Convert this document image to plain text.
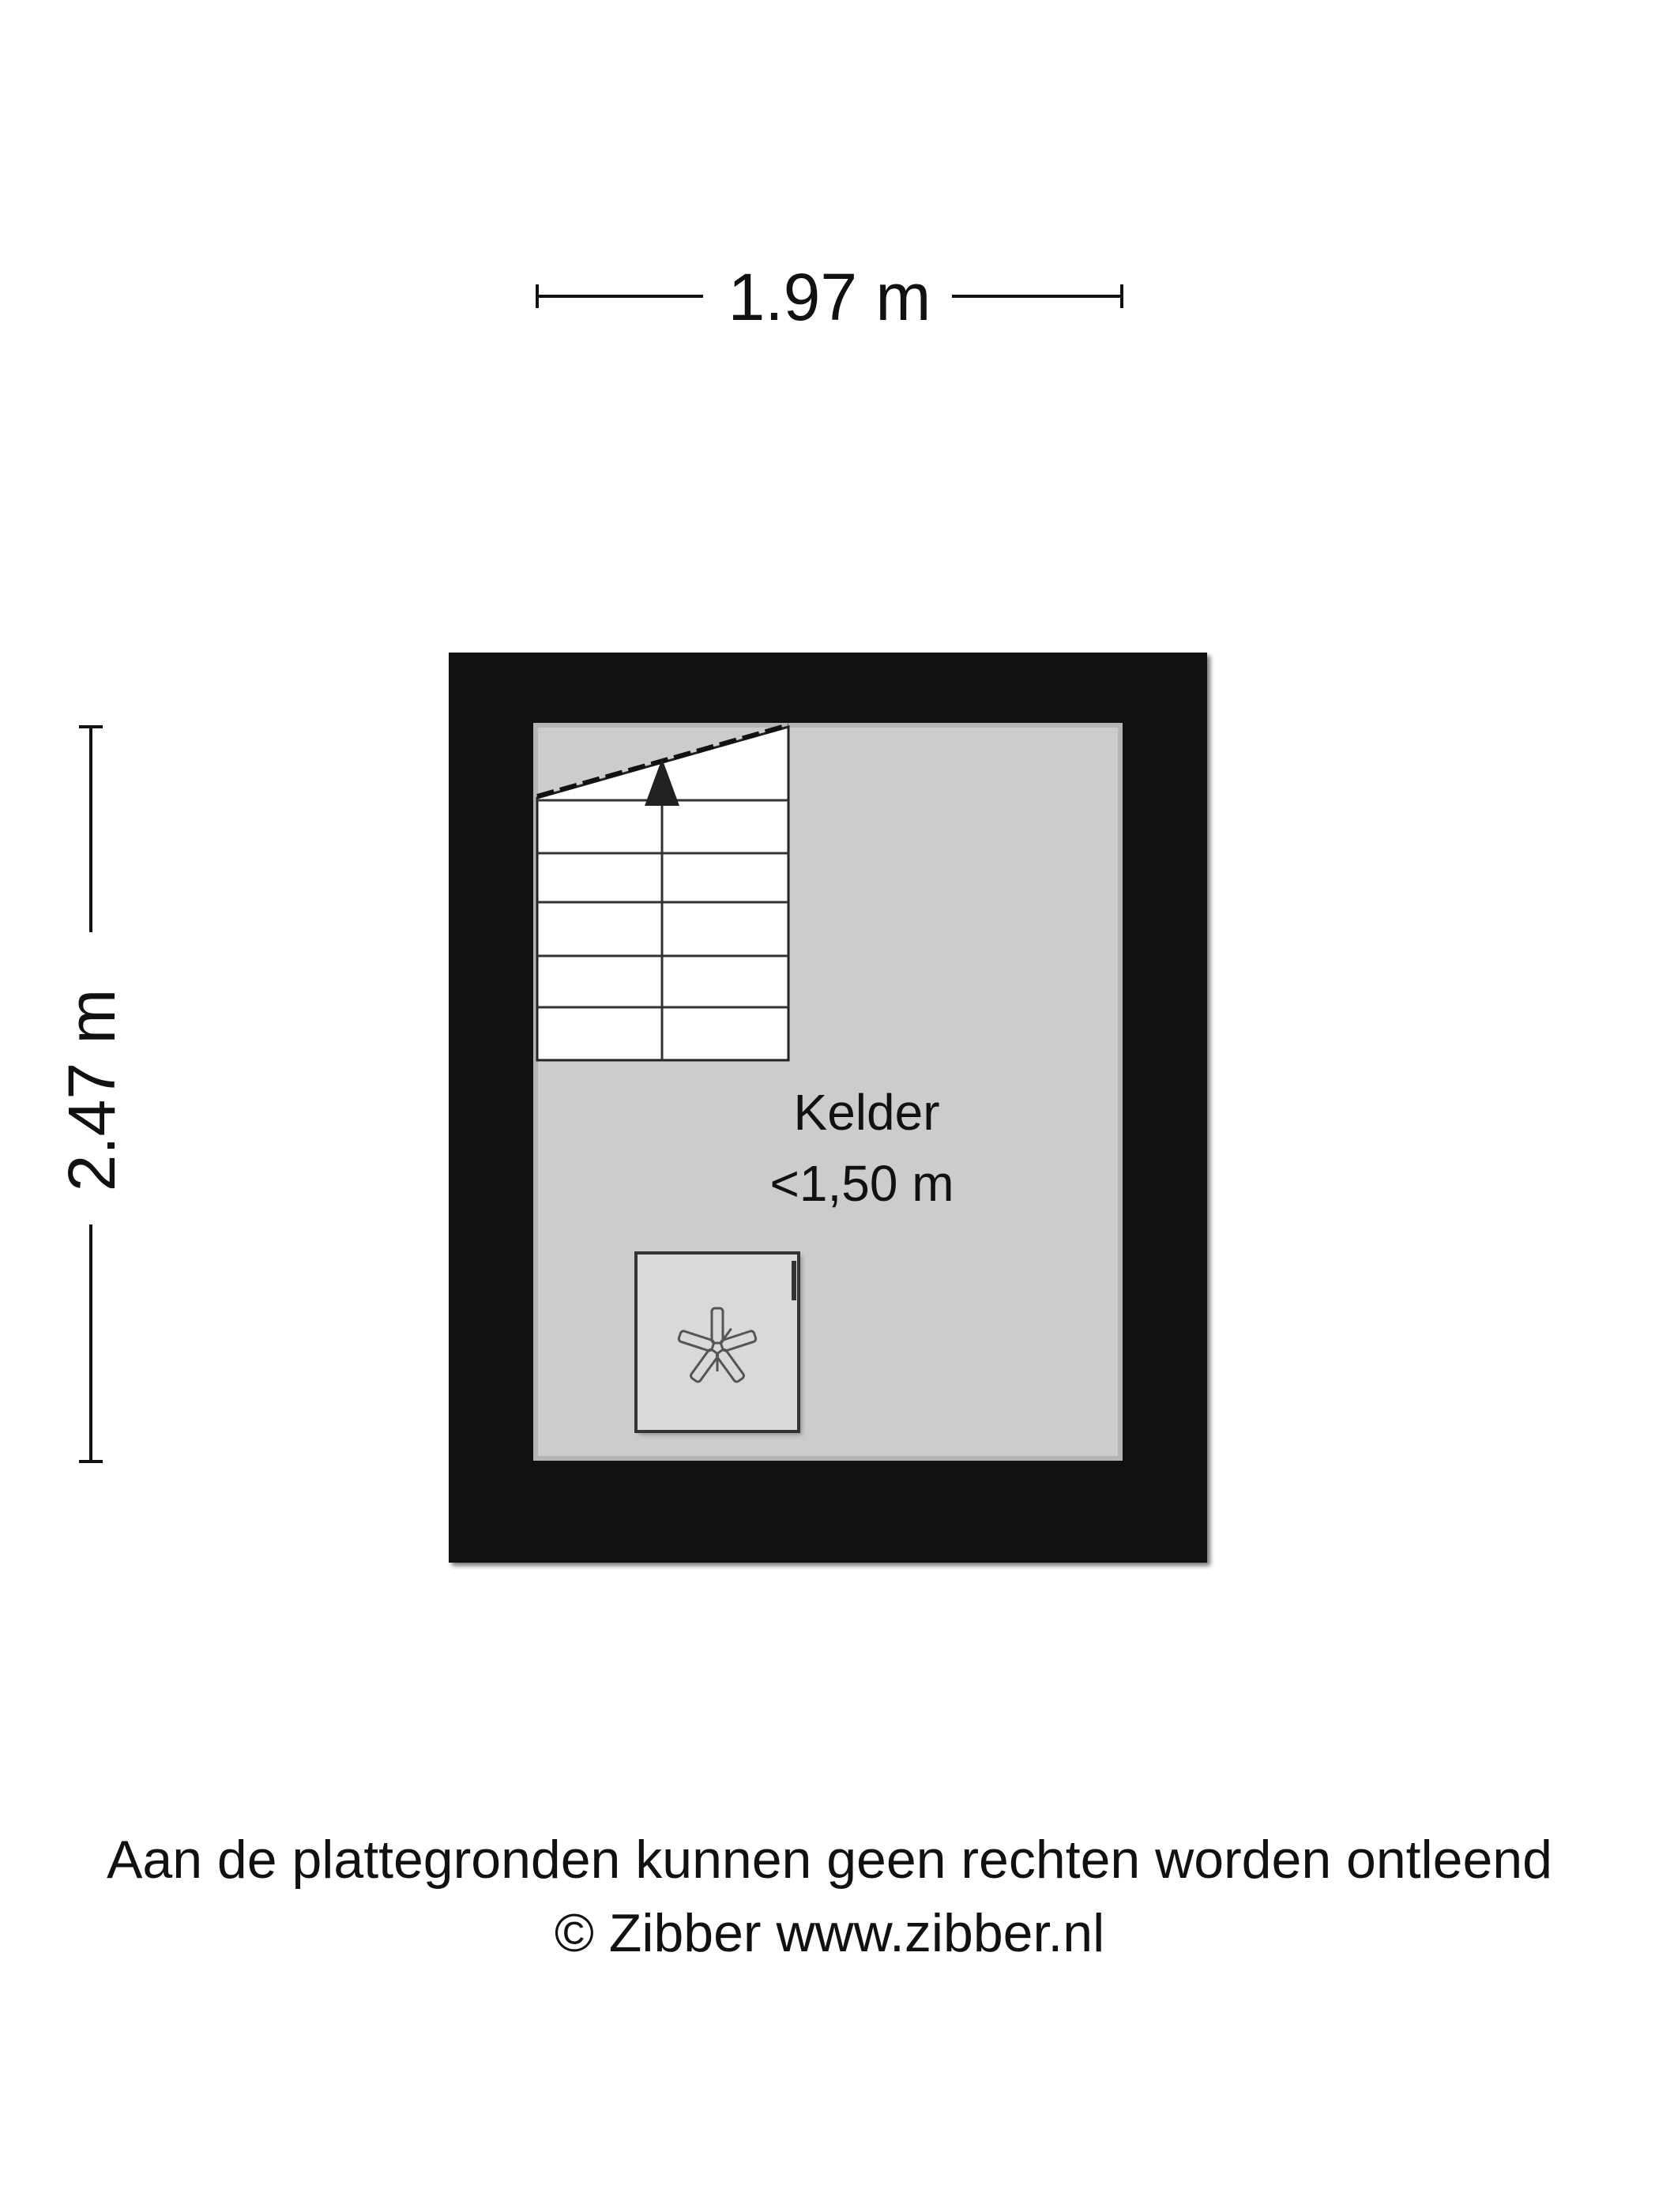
1.97 m
2.47 m	Kelder
<1,50 m
Aan de plattegronden kunnen geen rechten worden ontleend
© Zibber www.zibber.nl
